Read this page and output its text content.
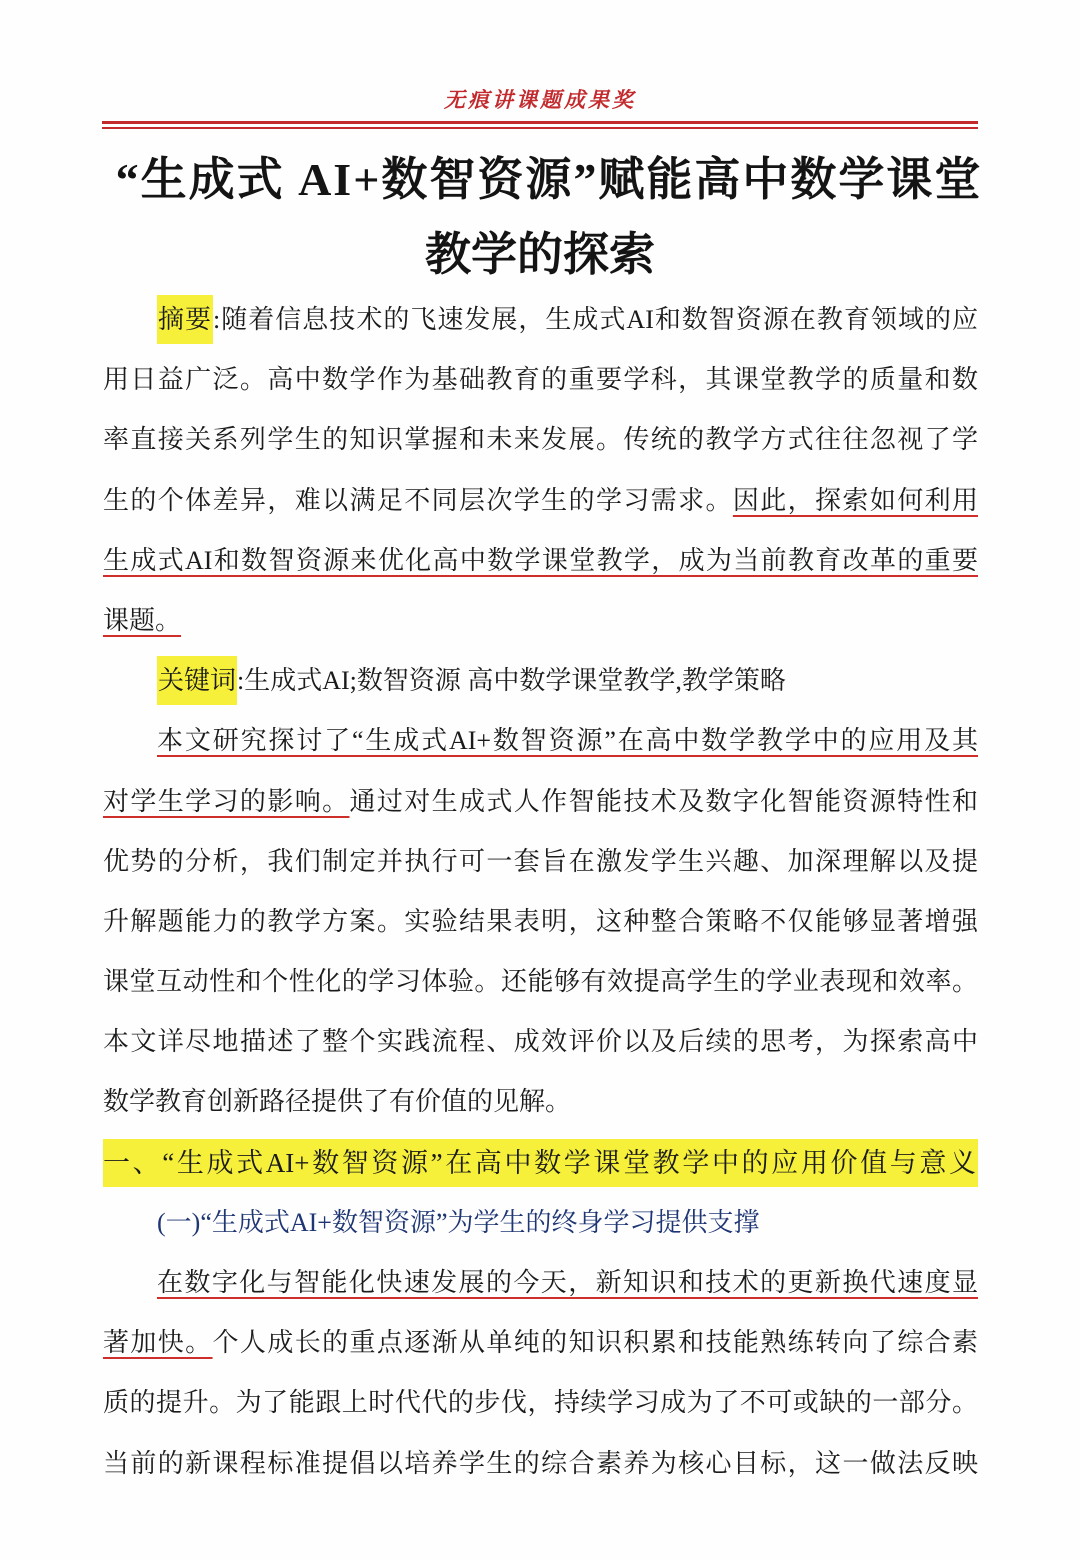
无痕讲课题成果奖
“生成式 AI+数智资源”赋能高中数学课堂
教学的探索
摘要:随着信息技术的飞速发展，生成式AI和数智资源在教育领域的应
用日益广泛。高中数学作为基础教育的重要学科，其课堂教学的质量和数
率直接关系列学生的知识掌握和未来发展。传统的教学方式往往忽视了学
生的个体差异，难以满足不同层次学生的学习需求。因此，探索如何利用
生成式AI和数智资源来优化高中数学课堂教学，成为当前教育改革的重要
课题。
关键词:生成式AI;数智资源 高中数学课堂教学,教学策略
本文研究探讨了“生成式AI+数智资源”在高中数学教学中的应用及其
对学生学习的影响。通过对生成式人作智能技术及数字化智能资源特性和
优势的分析，我们制定并执行可一套旨在激发学生兴趣、加深理解以及提
升解题能力的教学方案。实验结果表明，这种整合策略不仅能够显著增强
课堂互动性和个性化的学习体验。还能够有效提高学生的学业表现和效率。
本文详尽地描述了整个实践流程、成效评价以及后续的思考，为探索高中
数学教育创新路径提供了有价值的见解。
一、“生成式AI+数智资源”在高中数学课堂教学中的应用价值与意义
(一)“生成式AI+数智资源”为学生的终身学习提供支撑
在数字化与智能化快速发展的今天，新知识和技术的更新换代速度显
著加快。个人成长的重点逐渐从单纯的知识积累和技能熟练转向了综合素
质的提升。为了能跟上时代代的步伐，持续学习成为了不可或缺的一部分。
当前的新课程标准提倡以培养学生的综合素养为核心目标，这一做法反映
